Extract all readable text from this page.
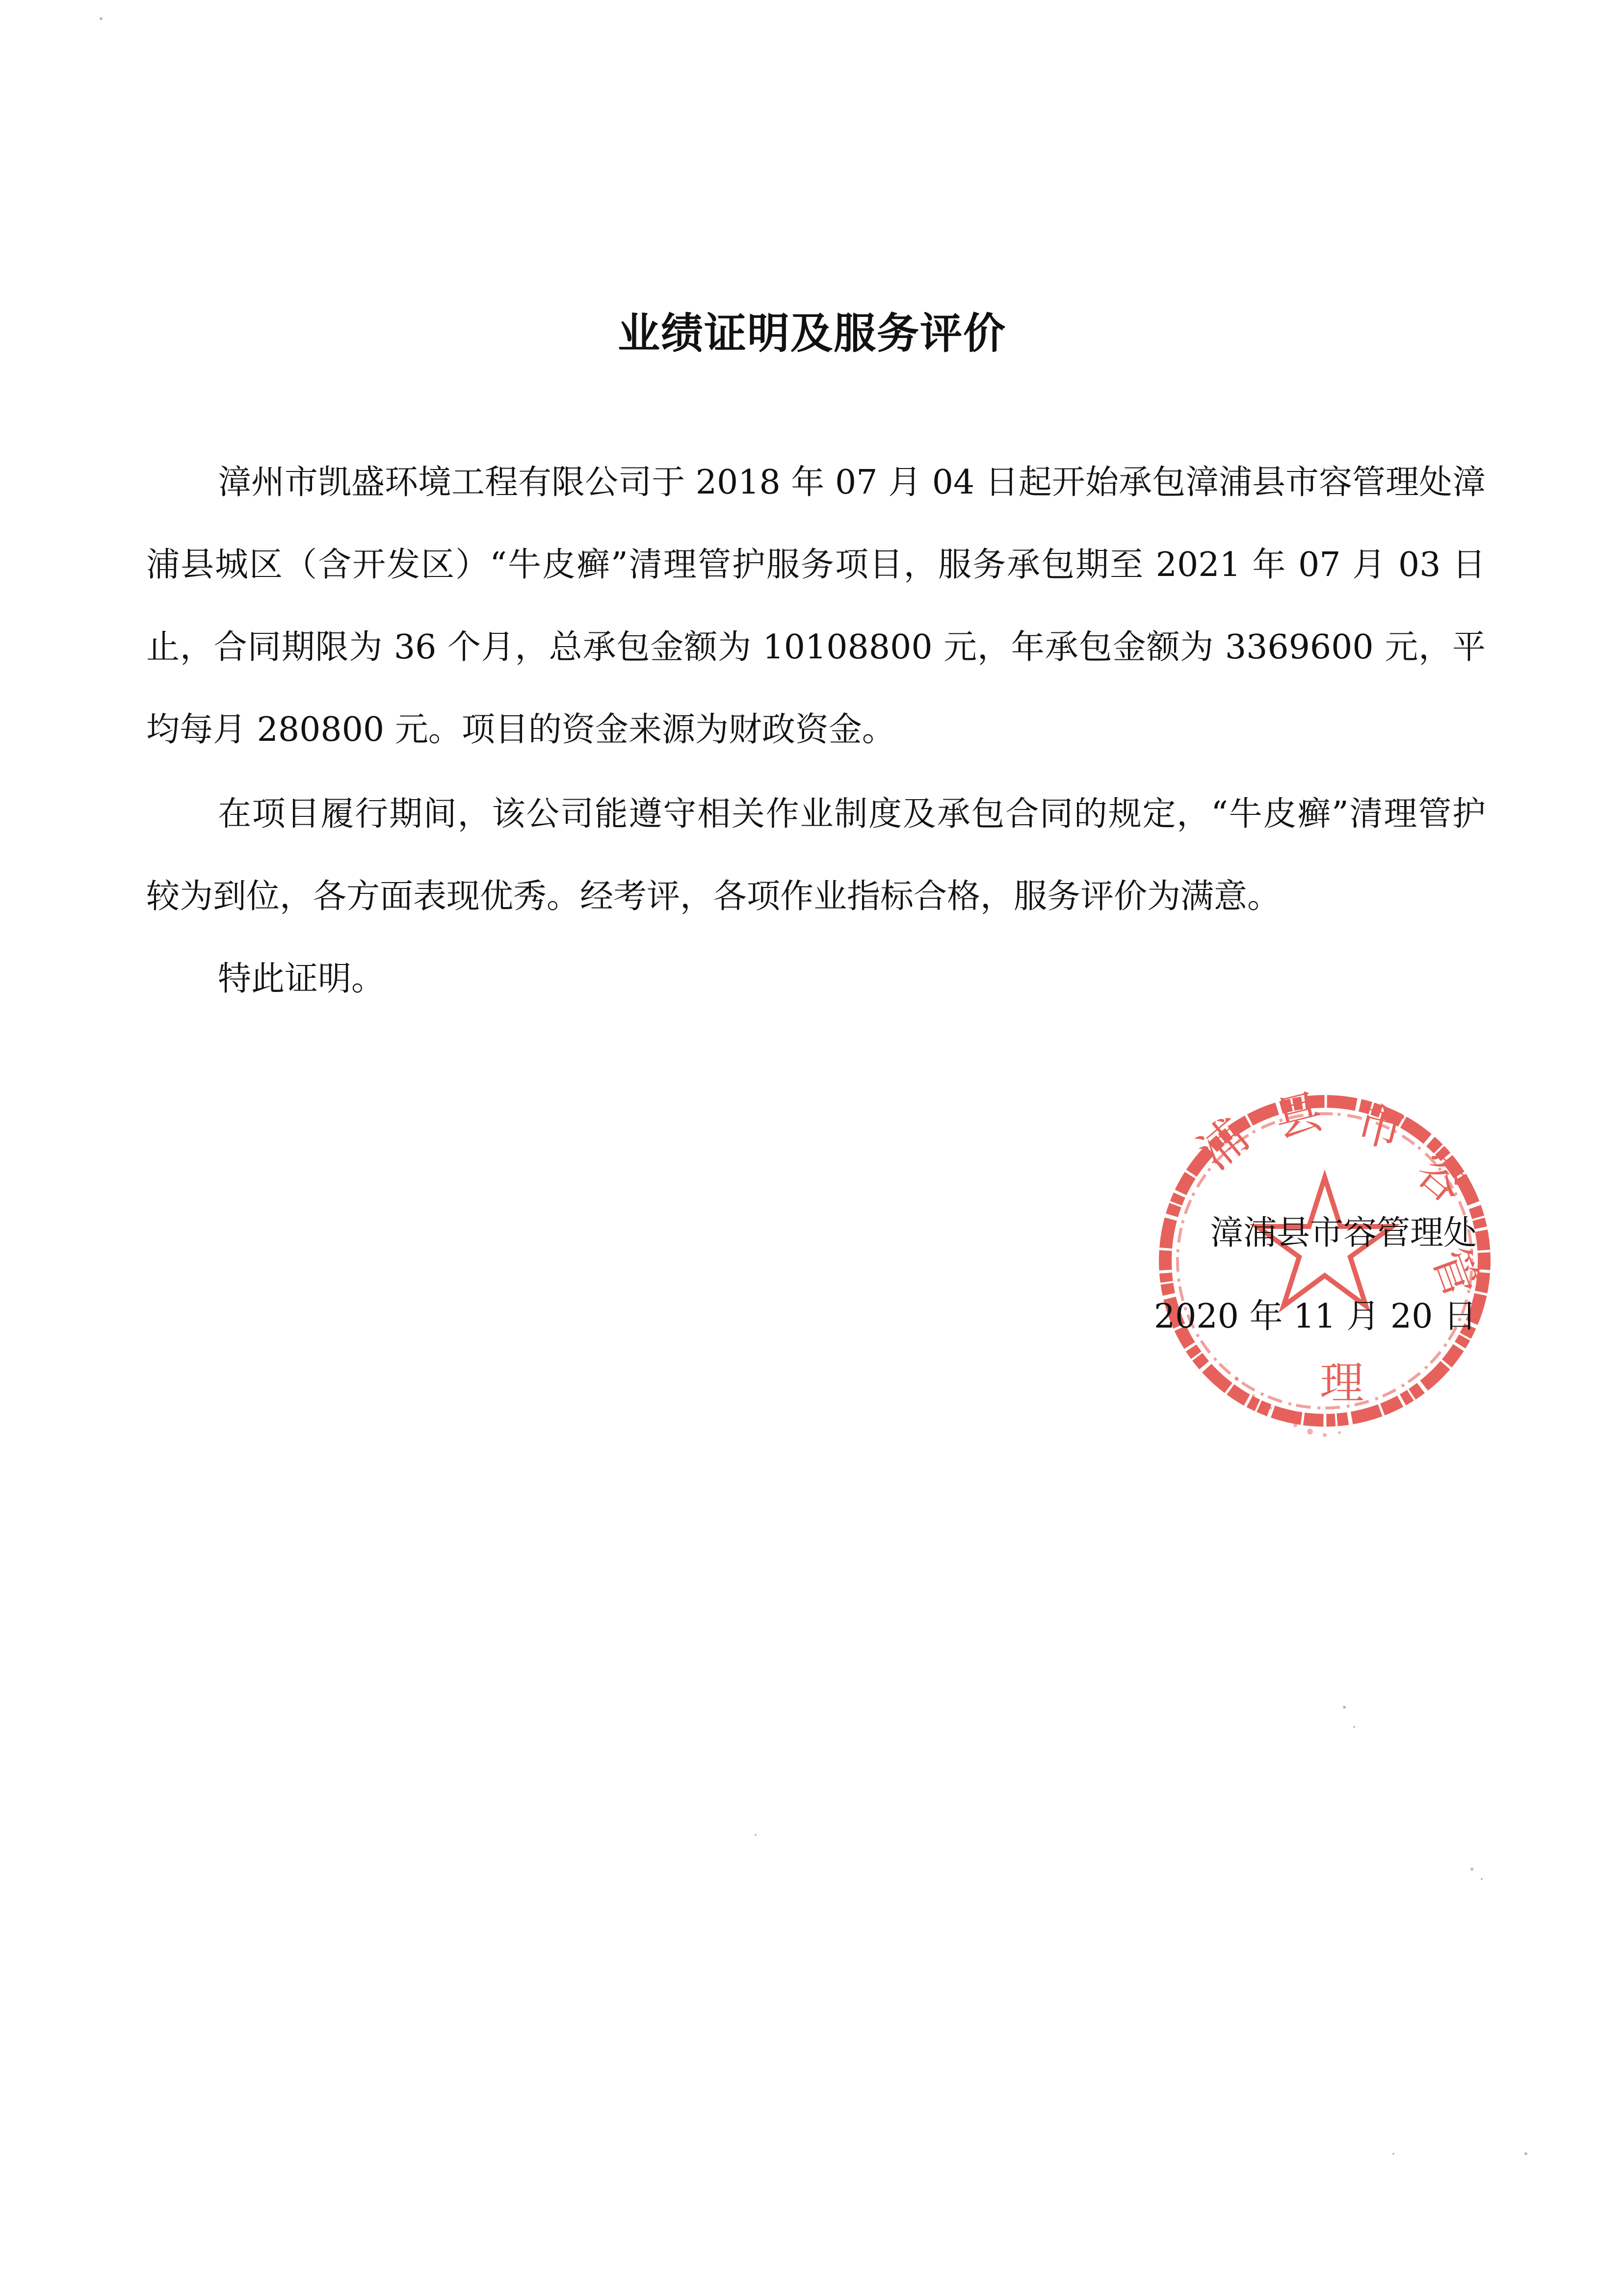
业绩证明及服务评价

漳州市凯盛环境工程有限公司于 2018 年 07 月 04 日起开始承包漳浦县市容管理处漳浦县城区（含开发区）“牛皮癣”清理管护服务项目，服务承包期至 2021 年 07 月 03 日止，合同期限为 36 个月，总承包金额为 10108800 元，年承包金额为 3369600 元，平均每月 280800 元。项目的资金来源为财政资金。

在项目履行期间，该公司能遵守相关作业制度及承包合同的规定，“牛皮癣”清理管护较为到位，各方面表现优秀。经考评，各项作业指标合格，服务评价为满意。

特此证明。

浦 县 市
容
管
理
漳浦县市容管理处
2020 年 11 月 20 日
